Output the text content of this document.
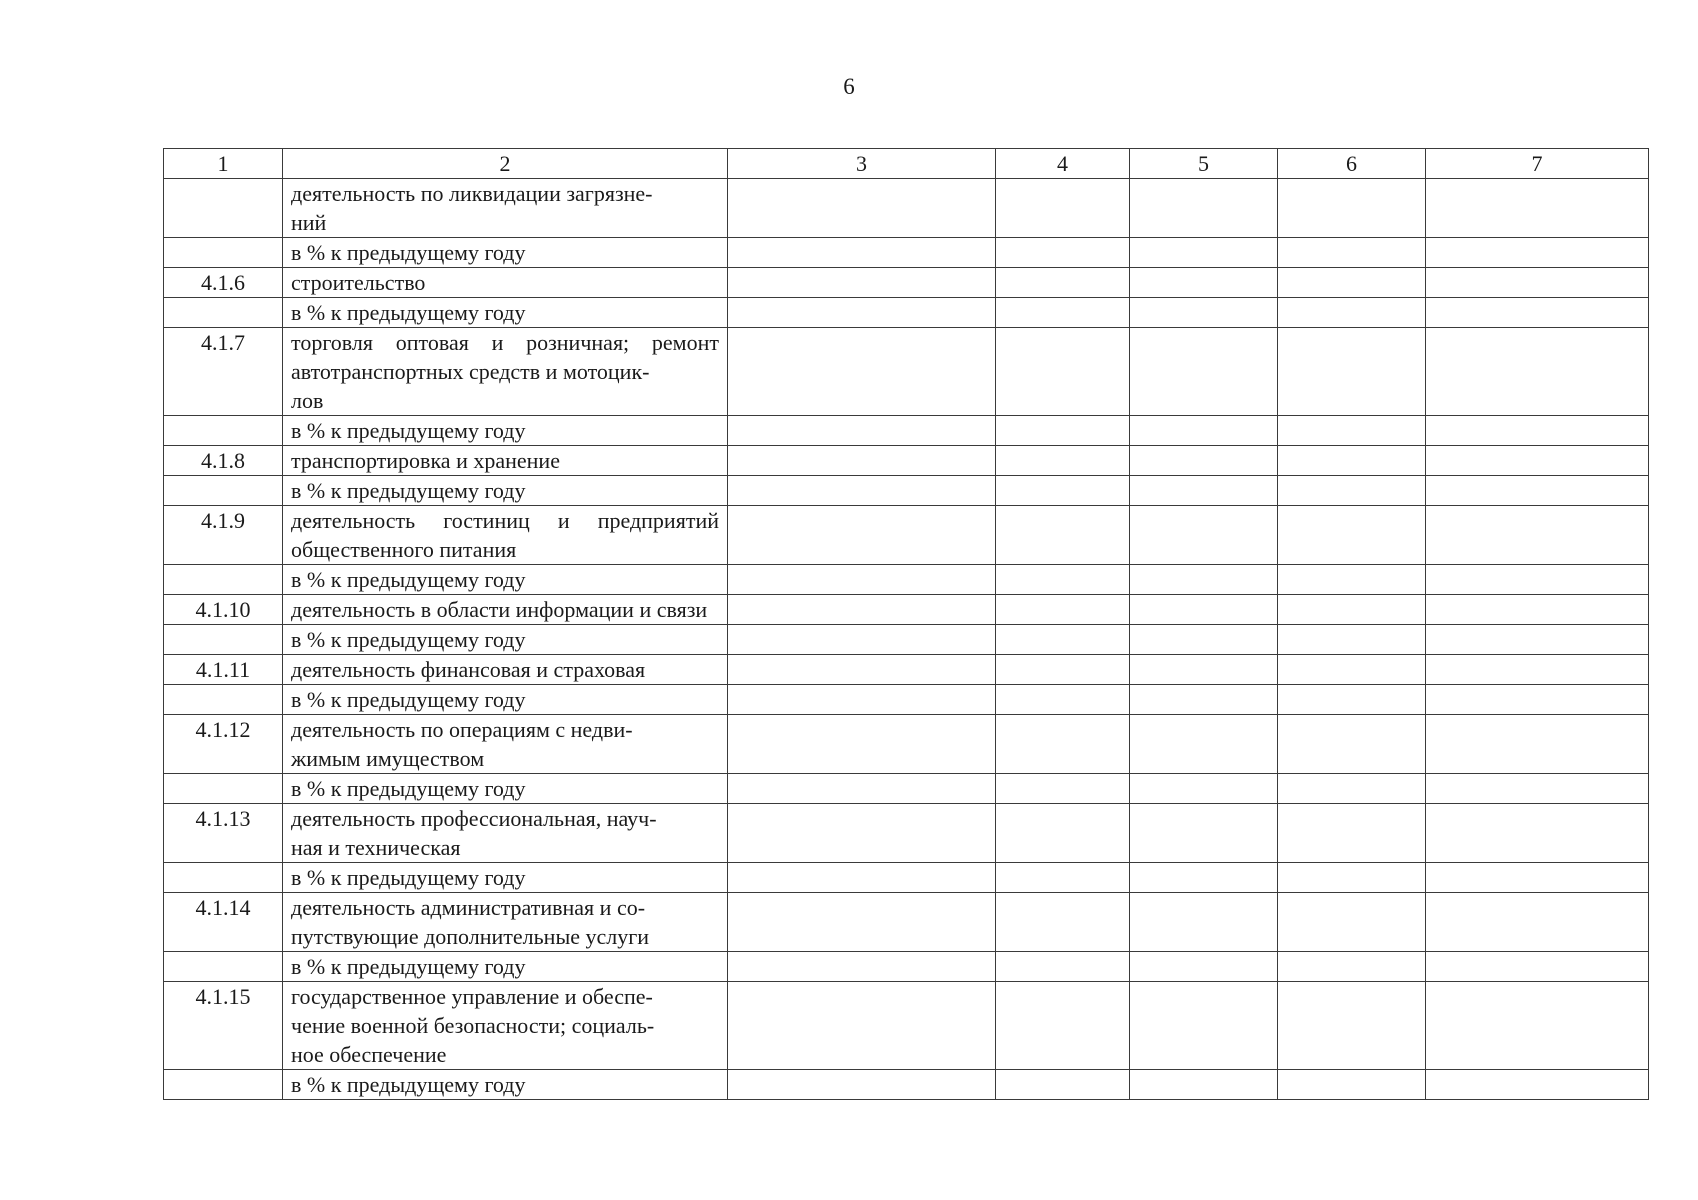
6
1	2	3	4	5	6	7
	деятельность по ликвидации загрязне-
ний					
	в % к предыдущему году					
4.1.6	строительство					
	в % к предыдущему году					
4.1.7	торговля оптовая и розничная; ремонт автотранспортных средств и мотоцик-
лов					
	в % к предыдущему году					
4.1.8	транспортировка и хранение					
	в % к предыдущему году					
4.1.9	деятельность гостиниц и предприятий общественного питания					
	в % к предыдущему году					
4.1.10	деятельность в области информации и связи					
	в % к предыдущему году					
4.1.11	деятельность финансовая и страховая					
	в % к предыдущему году					
4.1.12	деятельность по операциям с недви-
жимым имуществом					
	в % к предыдущему году					
4.1.13	деятельность профессиональная, науч-
ная и техническая					
	в % к предыдущему году					
4.1.14	деятельность административная и со-
путствующие дополнительные услуги					
	в % к предыдущему году					
4.1.15	государственное управление и обеспе-
чение военной безопасности; социаль-
ное обеспечение					
	в % к предыдущему году					
